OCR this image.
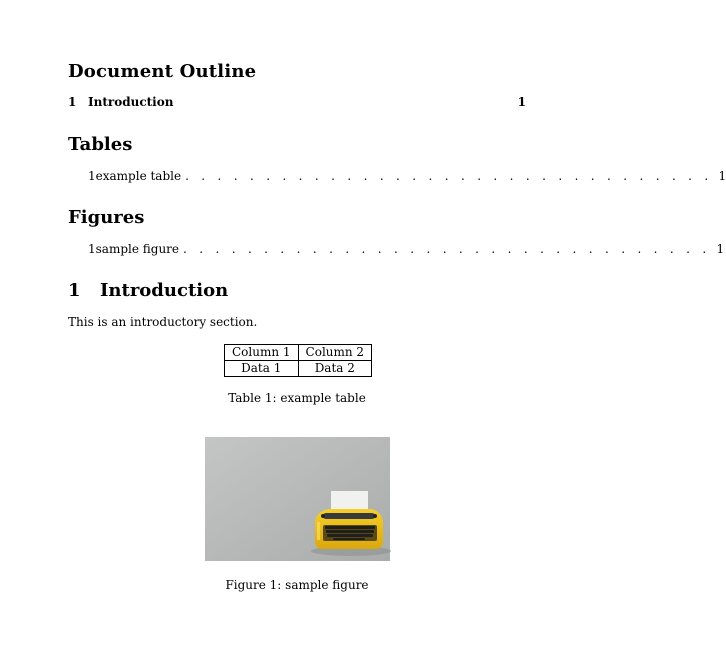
Document Outline
1 Introduction	1
Tables
1 example table . . . . . . . . . . . . . . . . . . . . . . . . . . . . . . . . . 1
Figures
1 sample figure . . . . . . . . . . . . . . . . . . . . . . . . . . . . . . . . . 1
1 Introduction
This is an introductory section.
Column 1	Column 2
Data 1	Data 2
Table 1: example table
Figure 1: sample figure
